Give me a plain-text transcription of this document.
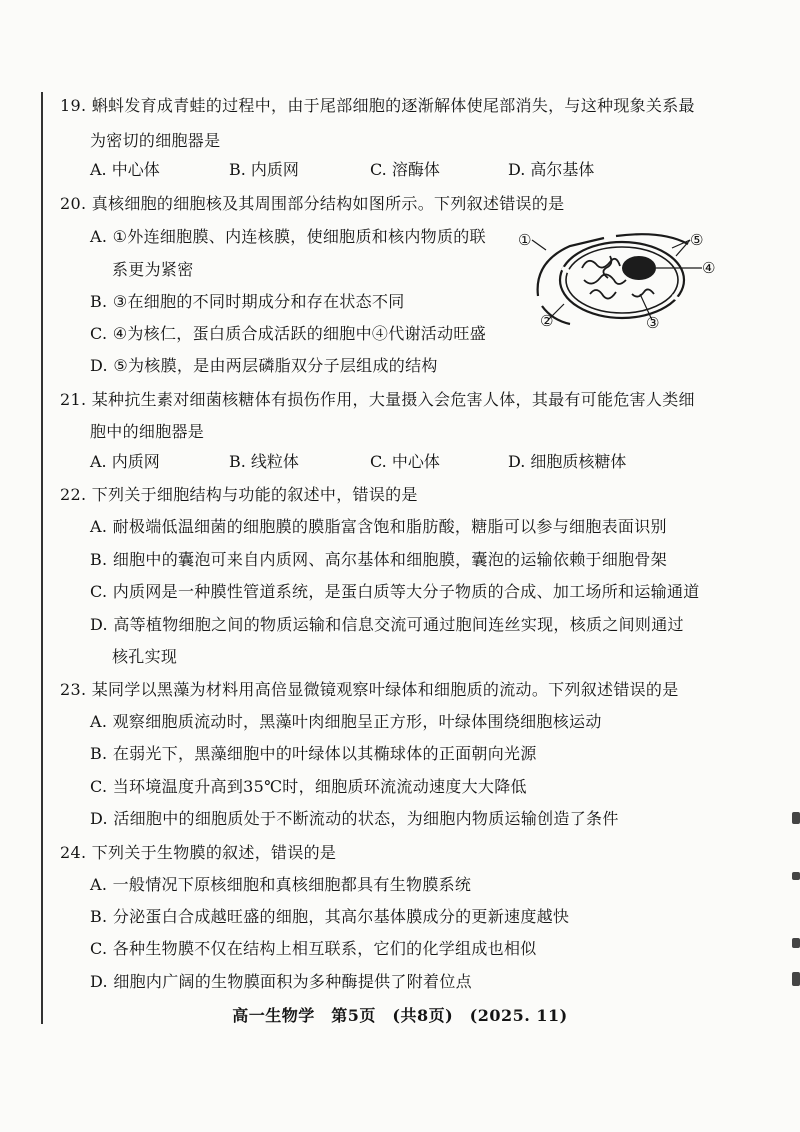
19. 蝌蚪发育成青蛙的过程中，由于尾部细胞的逐渐解体使尾部消失，与这种现象关系最
为密切的细胞器是
A. 中心体	B. 内质网	C. 溶酶体	D. 高尔基体
20. 真核细胞的细胞核及其周围部分结构如图所示。下列叙述错误的是
A. ①外连细胞膜、内连核膜，使细胞质和核内物质的联
系更为紧密
B. ③在细胞的不同时期成分和存在状态不同
C. ④为核仁，蛋白质合成活跃的细胞中④代谢活动旺盛
D. ⑤为核膜，是由两层磷脂双分子层组成的结构
①
②	③
④
⑤
21. 某种抗生素对细菌核糖体有损伤作用，大量摄入会危害人体，其最有可能危害人类细
胞中的细胞器是
A. 内质网	B. 线粒体	C. 中心体	D. 细胞质核糖体
22. 下列关于细胞结构与功能的叙述中，错误的是
A. 耐极端低温细菌的细胞膜的膜脂富含饱和脂肪酸，糖脂可以参与细胞表面识别
B. 细胞中的囊泡可来自内质网、高尔基体和细胞膜，囊泡的运输依赖于细胞骨架
C. 内质网是一种膜性管道系统，是蛋白质等大分子物质的合成、加工场所和运输通道
D. 高等植物细胞之间的物质运输和信息交流可通过胞间连丝实现，核质之间则通过
核孔实现
23. 某同学以黑藻为材料用高倍显微镜观察叶绿体和细胞质的流动。下列叙述错误的是
A. 观察细胞质流动时，黑藻叶肉细胞呈正方形，叶绿体围绕细胞核运动
B. 在弱光下，黑藻细胞中的叶绿体以其椭球体的正面朝向光源
C. 当环境温度升高到35℃时，细胞质环流流动速度大大降低
D. 活细胞中的细胞质处于不断流动的状态，为细胞内物质运输创造了条件
24. 下列关于生物膜的叙述，错误的是
A. 一般情况下原核细胞和真核细胞都具有生物膜系统
B. 分泌蛋白合成越旺盛的细胞，其高尔基体膜成分的更新速度越快
C. 各种生物膜不仅在结构上相互联系，它们的化学组成也相似
D. 细胞内广阔的生物膜面积为多种酶提供了附着位点
高一生物学　第5页　(共8页)　(2025. 11)
